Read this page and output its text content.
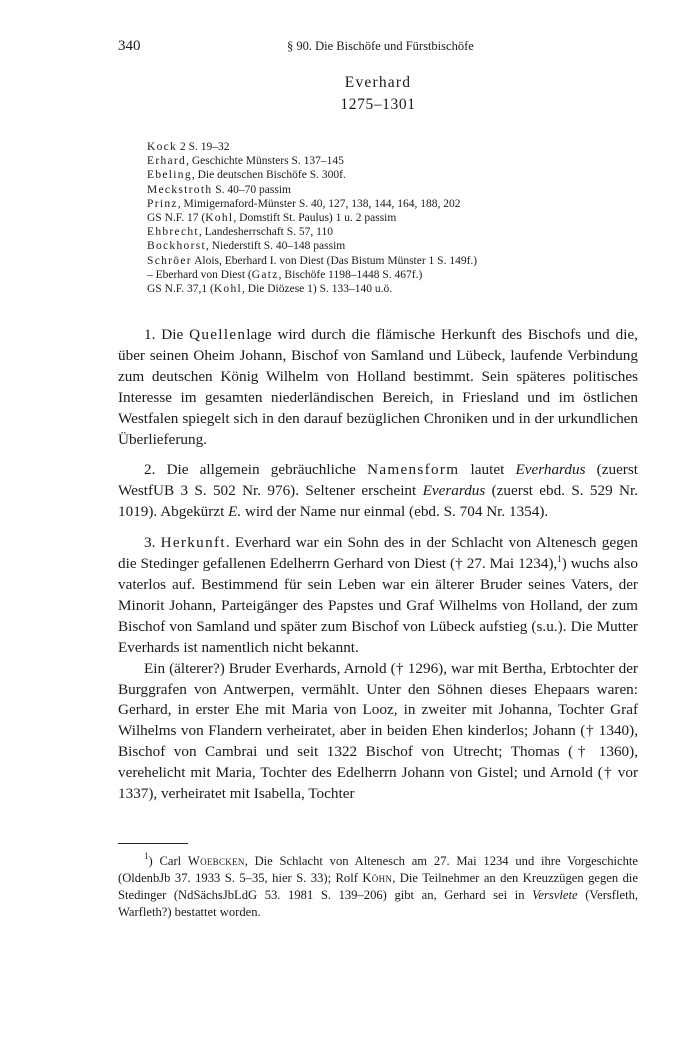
340	§ 90. Die Bischöfe und Fürstbischöfe
Everhard
1275–1301
Kock 2 S. 19–32
Erhard, Geschichte Münsters S. 137–145
Ebeling, Die deutschen Bischöfe S. 300f.
Meckstroth S. 40–70 passim
Prinz, Mimigernaford-Münster S. 40, 127, 138, 144, 164, 188, 202
GS N.F. 17 (Kohl, Domstift St. Paulus) 1 u. 2 passim
Ehbrecht, Landesherrschaft S. 57, 110
Bockhorst, Niederstift S. 40–148 passim
Schröer Alois, Eberhard I. von Diest (Das Bistum Münster 1 S. 149f.)
– Eberhard von Diest (Gatz, Bischöfe 1198–1448 S. 467f.)
GS N.F. 37,1 (Kohl, Die Diözese 1) S. 133–140 u.ö.

1. Die Quellenlage wird durch die flämische Herkunft des Bischofs und die, über seinen Oheim Johann, Bischof von Samland und Lübeck, laufende Verbindung zum deutschen König Wilhelm von Holland bestimmt. Sein späteres politisches Interesse im gesamten niederländischen Bereich, in Friesland und im östlichen Westfalen spiegelt sich in den darauf bezüglichen Chroniken und in der urkundlichen Überlieferung.

2. Die allgemein gebräuchliche Namensform lautet Everhardus (zuerst WestfUB 3 S. 502 Nr. 976). Seltener erscheint Everardus (zuerst ebd. S. 529 Nr. 1019). Abgekürzt E. wird der Name nur einmal (ebd. S. 704 Nr. 1354).

3. Herkunft. Everhard war ein Sohn des in der Schlacht von Altenesch gegen die Stedinger gefallenen Edelherrn Gerhard von Diest († 27. Mai 1234),$^1$) wuchs also vaterlos auf. Bestimmend für sein Leben war ein älterer Bruder seines Vaters, der Minorit Johann, Parteigänger des Papstes und Graf Wilhelms von Holland, der zum Bischof von Samland und später zum Bischof von Lübeck aufstieg (s.u.). Die Mutter Everhards ist namentlich nicht bekannt.

Ein (älterer?) Bruder Everhards, Arnold († 1296), war mit Bertha, Erbtochter der Burggrafen von Antwerpen, vermählt. Unter den Söhnen dieses Ehepaars waren: Gerhard, in erster Ehe mit Maria von Looz, in zweiter mit Johanna, Tochter Graf Wilhelms von Flandern verheiratet, aber in beiden Ehen kinderlos; Johann († 1340), Bischof von Cambrai und seit 1322 Bischof von Utrecht; Thomas († 1360), verehelicht mit Maria, Tochter des Edelherrn Johann von Gistel; und Arnold († vor 1337), verheiratet mit Isabella, Tochter

$^1$) Carl Woebcken, Die Schlacht von Altenesch am 27. Mai 1234 und ihre Vorgeschichte (OldenbJb 37. 1933 S. 5–35, hier S. 33); Rolf Köhn, Die Teilnehmer an den Kreuzzügen gegen die Stedinger (NdSächsJbLdG 53. 1981 S. 139–206) gibt an, Gerhard sei in Versvlete (Versfleth, Warfleth?) bestattet worden.
